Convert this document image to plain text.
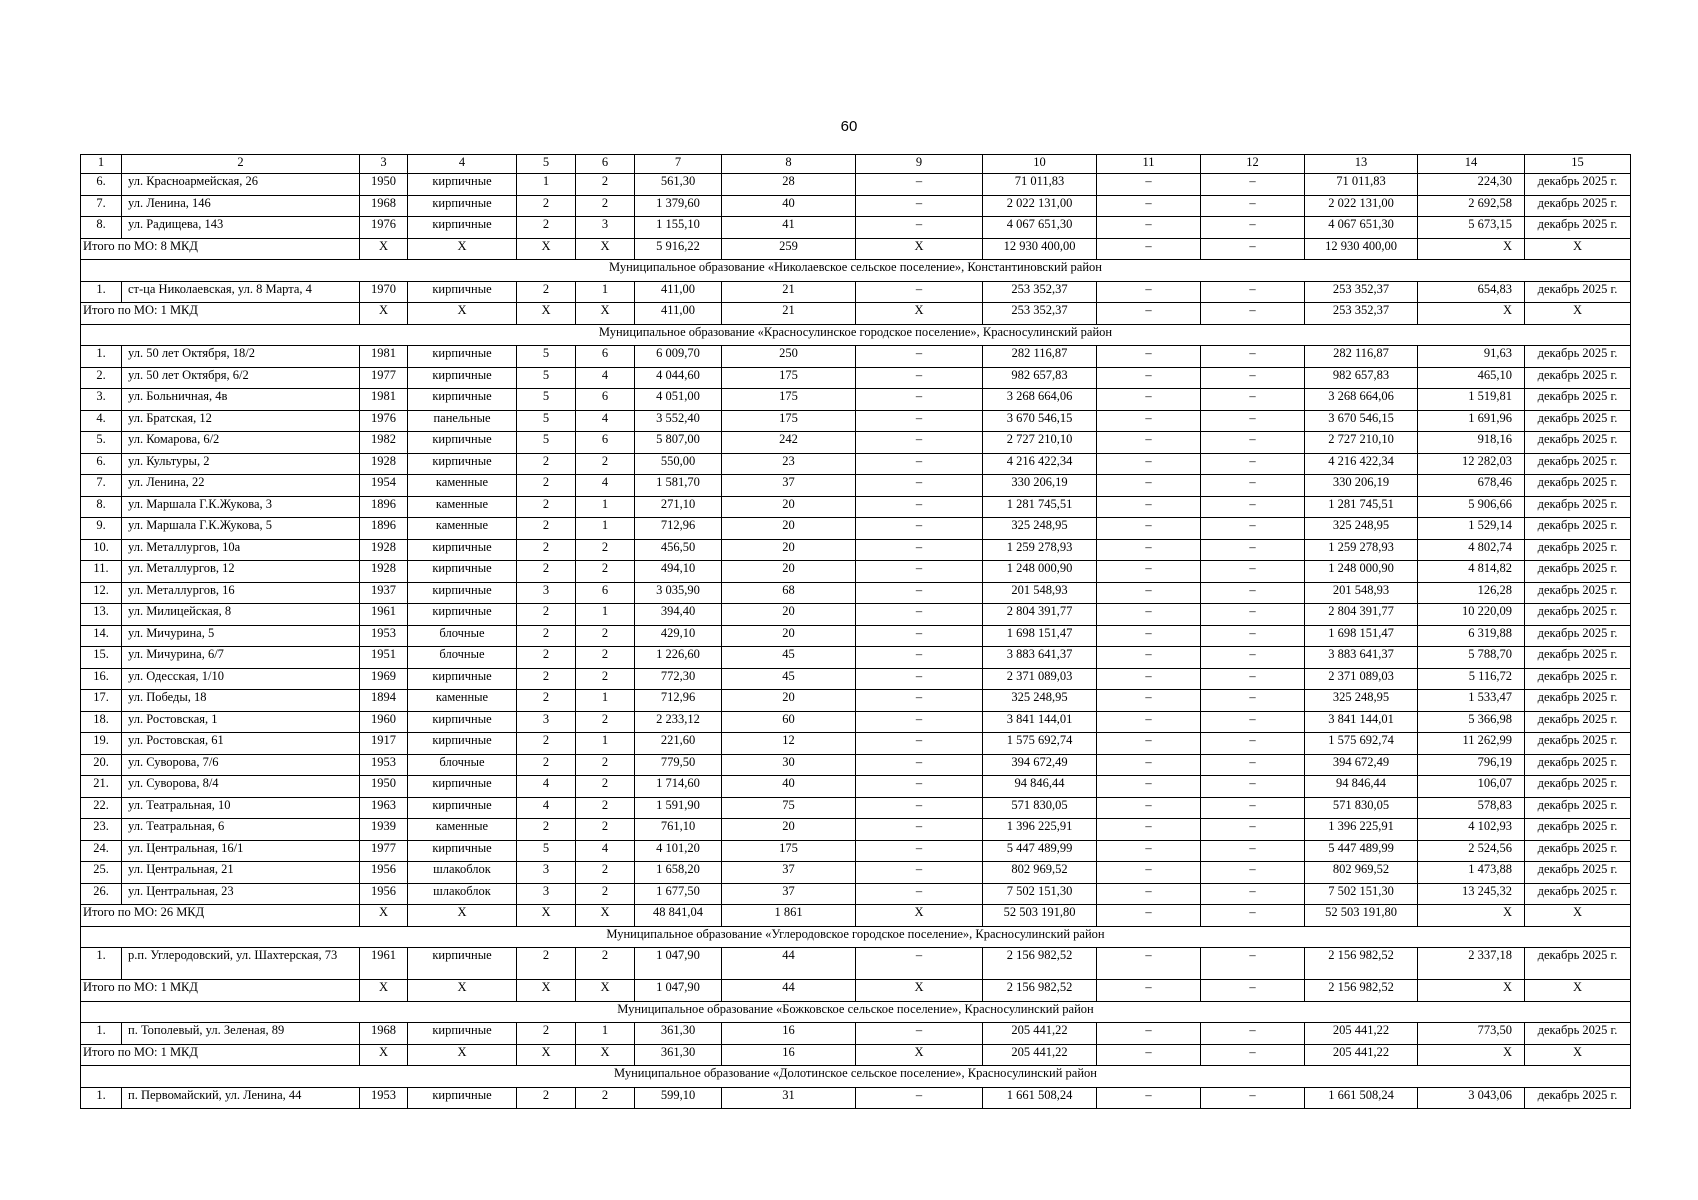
60
1	2	3	4	5	6	7	8	9	10	11	12	13	14	15
6.	ул. Красноармейская, 26	1950	кирпичные	1	2	561,30	28	–	71 011,83	–	–	71 011,83	224,30	декабрь 2025 г.
7.	ул. Ленина, 146	1968	кирпичные	2	2	1 379,60	40	–	2 022 131,00	–	–	2 022 131,00	2 692,58	декабрь 2025 г.
8.	ул. Радищева, 143	1976	кирпичные	2	3	1 155,10	41	–	4 067 651,30	–	–	4 067 651,30	5 673,15	декабрь 2025 г.
Итого по МО: 8 МКД		X	X	X	X	5 916,22	259	X	12 930 400,00	–	–	12 930 400,00	X	X
Муниципальное образование «Николаевское сельское поселение», Константиновский район														
1.	ст-ца Николаевская, ул. 8 Марта, 4	1970	кирпичные	2	1	411,00	21	–	253 352,37	–	–	253 352,37	654,83	декабрь 2025 г.
Итого по МО: 1 МКД		X	X	X	X	411,00	21	X	253 352,37	–	–	253 352,37	X	X
Муниципальное образование «Красносулинское городское поселение», Красносулинский район														
1.	ул. 50 лет Октября, 18/2	1981	кирпичные	5	6	6 009,70	250	–	282 116,87	–	–	282 116,87	91,63	декабрь 2025 г.
2.	ул. 50 лет Октября, 6/2	1977	кирпичные	5	4	4 044,60	175	–	982 657,83	–	–	982 657,83	465,10	декабрь 2025 г.
3.	ул. Больничная, 4в	1981	кирпичные	5	6	4 051,00	175	–	3 268 664,06	–	–	3 268 664,06	1 519,81	декабрь 2025 г.
4.	ул. Братская, 12	1976	панельные	5	4	3 552,40	175	–	3 670 546,15	–	–	3 670 546,15	1 691,96	декабрь 2025 г.
5.	ул. Комарова, 6/2	1982	кирпичные	5	6	5 807,00	242	–	2 727 210,10	–	–	2 727 210,10	918,16	декабрь 2025 г.
6.	ул. Культуры, 2	1928	кирпичные	2	2	550,00	23	–	4 216 422,34	–	–	4 216 422,34	12 282,03	декабрь 2025 г.
7.	ул. Ленина, 22	1954	каменные	2	4	1 581,70	37	–	330 206,19	–	–	330 206,19	678,46	декабрь 2025 г.
8.	ул. Маршала Г.К.Жукова, 3	1896	каменные	2	1	271,10	20	–	1 281 745,51	–	–	1 281 745,51	5 906,66	декабрь 2025 г.
9.	ул. Маршала Г.К.Жукова, 5	1896	каменные	2	1	712,96	20	–	325 248,95	–	–	325 248,95	1 529,14	декабрь 2025 г.
10.	ул. Металлургов, 10а	1928	кирпичные	2	2	456,50	20	–	1 259 278,93	–	–	1 259 278,93	4 802,74	декабрь 2025 г.
11.	ул. Металлургов, 12	1928	кирпичные	2	2	494,10	20	–	1 248 000,90	–	–	1 248 000,90	4 814,82	декабрь 2025 г.
12.	ул. Металлургов, 16	1937	кирпичные	3	6	3 035,90	68	–	201 548,93	–	–	201 548,93	126,28	декабрь 2025 г.
13.	ул. Милицейская, 8	1961	кирпичные	2	1	394,40	20	–	2 804 391,77	–	–	2 804 391,77	10 220,09	декабрь 2025 г.
14.	ул. Мичурина, 5	1953	блочные	2	2	429,10	20	–	1 698 151,47	–	–	1 698 151,47	6 319,88	декабрь 2025 г.
15.	ул. Мичурина, 6/7	1951	блочные	2	2	1 226,60	45	–	3 883 641,37	–	–	3 883 641,37	5 788,70	декабрь 2025 г.
16.	ул. Одесская, 1/10	1969	кирпичные	2	2	772,30	45	–	2 371 089,03	–	–	2 371 089,03	5 116,72	декабрь 2025 г.
17.	ул. Победы, 18	1894	каменные	2	1	712,96	20	–	325 248,95	–	–	325 248,95	1 533,47	декабрь 2025 г.
18.	ул. Ростовская, 1	1960	кирпичные	3	2	2 233,12	60	–	3 841 144,01	–	–	3 841 144,01	5 366,98	декабрь 2025 г.
19.	ул. Ростовская, 61	1917	кирпичные	2	1	221,60	12	–	1 575 692,74	–	–	1 575 692,74	11 262,99	декабрь 2025 г.
20.	ул. Суворова, 7/6	1953	блочные	2	2	779,50	30	–	394 672,49	–	–	394 672,49	796,19	декабрь 2025 г.
21.	ул. Суворова, 8/4	1950	кирпичные	4	2	1 714,60	40	–	94 846,44	–	–	94 846,44	106,07	декабрь 2025 г.
22.	ул. Театральная, 10	1963	кирпичные	4	2	1 591,90	75	–	571 830,05	–	–	571 830,05	578,83	декабрь 2025 г.
23.	ул. Театральная, 6	1939	каменные	2	2	761,10	20	–	1 396 225,91	–	–	1 396 225,91	4 102,93	декабрь 2025 г.
24.	ул. Центральная, 16/1	1977	кирпичные	5	4	4 101,20	175	–	5 447 489,99	–	–	5 447 489,99	2 524,56	декабрь 2025 г.
25.	ул. Центральная, 21	1956	шлакоблок	3	2	1 658,20	37	–	802 969,52	–	–	802 969,52	1 473,88	декабрь 2025 г.
26.	ул. Центральная, 23	1956	шлакоблок	3	2	1 677,50	37	–	7 502 151,30	–	–	7 502 151,30	13 245,32	декабрь 2025 г.
Итого по МО: 26 МКД		X	X	X	X	48 841,04	1 861	X	52 503 191,80	–	–	52 503 191,80	X	X
Муниципальное образование «Углеродовское городское поселение», Красносулинский район														
1.	р.п. Углеродовский, ул. Шахтерская, 73	1961	кирпичные	2	2	1 047,90	44	–	2 156 982,52	–	–	2 156 982,52	2 337,18	декабрь 2025 г.
Итого по МО: 1 МКД		X	X	X	X	1 047,90	44	X	2 156 982,52	–	–	2 156 982,52	X	X
Муниципальное образование «Божковское сельское поселение», Красносулинский район														
1.	п. Тополевый, ул. Зеленая, 89	1968	кирпичные	2	1	361,30	16	–	205 441,22	–	–	205 441,22	773,50	декабрь 2025 г.
Итого по МО: 1 МКД		X	X	X	X	361,30	16	X	205 441,22	–	–	205 441,22	X	X
Муниципальное образование «Долотинское сельское поселение», Красносулинский район														
1.	п. Первомайский, ул. Ленина, 44	1953	кирпичные	2	2	599,10	31	–	1 661 508,24	–	–	1 661 508,24	3 043,06	декабрь 2025 г.
